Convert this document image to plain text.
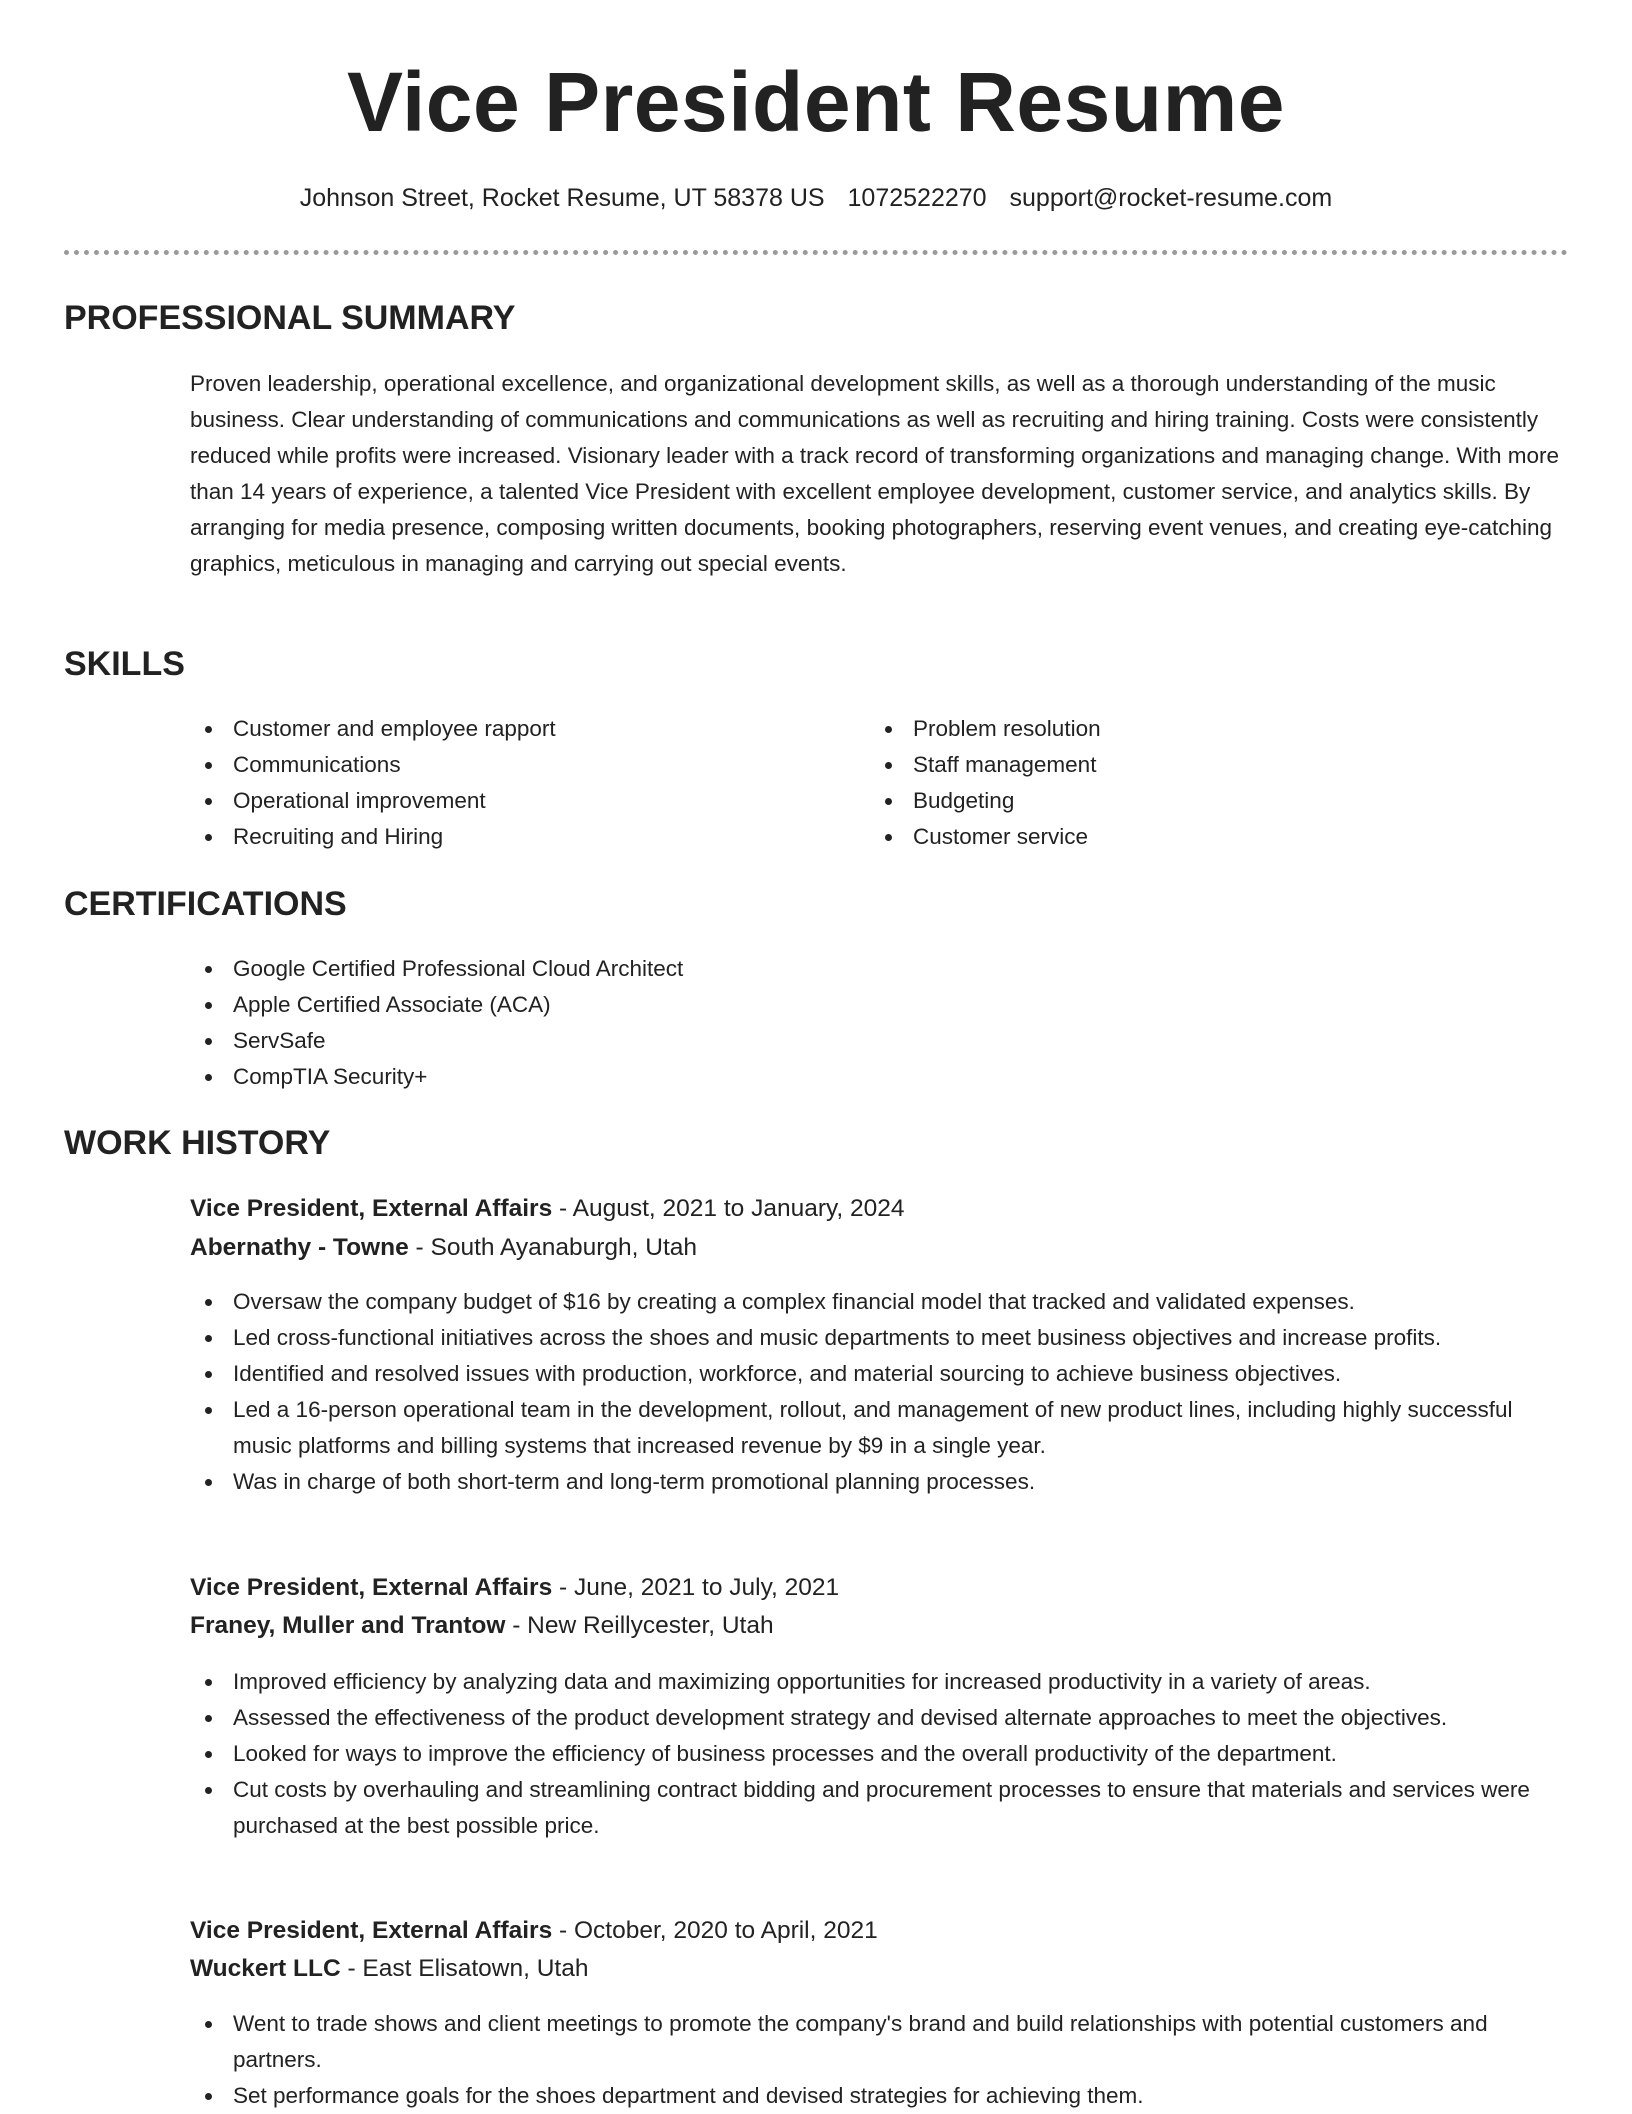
Vice President Resume
Johnson Street, Rocket Resume, UT 58378 US 1072522270 support@rocket-resume.com
PROFESSIONAL SUMMARY

Proven leadership, operational excellence, and organizational development skills, as well as a thorough understanding of the music business. Clear understanding of communications and communications as well as recruiting and hiring training. Costs were consistently reduced while profits were increased. Visionary leader with a track record of transforming organizations and managing change. With more than 14 years of experience, a talented Vice President with excellent employee development, customer service, and analytics skills. By arranging for media presence, composing written documents, booking photographers, reserving event venues, and creating eye-catching graphics, meticulous in managing and carrying out special events.

SKILLS
Customer and employee rapport
Communications
Operational improvement
Recruiting and Hiring
Problem resolution
Staff management
Budgeting
Customer service
CERTIFICATIONS
Google Certified Professional Cloud Architect
Apple Certified Associate (ACA)
ServSafe
CompTIA Security+
WORK HISTORY
Vice President, External Affairs - August, 2021 to January, 2024
Abernathy - Towne - South Ayanaburgh, Utah
Oversaw the company budget of $16 by creating a complex financial model that tracked and validated expenses.
Led cross-functional initiatives across the shoes and music departments to meet business objectives and increase profits.
Identified and resolved issues with production, workforce, and material sourcing to achieve business objectives.
Led a 16-person operational team in the development, rollout, and management of new product lines, including highly successful music platforms and billing systems that increased revenue by $9 in a single year.
Was in charge of both short-term and long-term promotional planning processes.
Vice President, External Affairs - June, 2021 to July, 2021
Franey, Muller and Trantow - New Reillycester, Utah
Improved efficiency by analyzing data and maximizing opportunities for increased productivity in a variety of areas.
Assessed the effectiveness of the product development strategy and devised alternate approaches to meet the objectives.
Looked for ways to improve the efficiency of business processes and the overall productivity of the department.
Cut costs by overhauling and streamlining contract bidding and procurement processes to ensure that materials and services were purchased at the best possible price.
Vice President, External Affairs - October, 2020 to April, 2021
Wuckert LLC - East Elisatown, Utah
Went to trade shows and client meetings to promote the company's brand and build relationships with potential customers and partners.
Set performance goals for the shoes department and devised strategies for achieving them.
